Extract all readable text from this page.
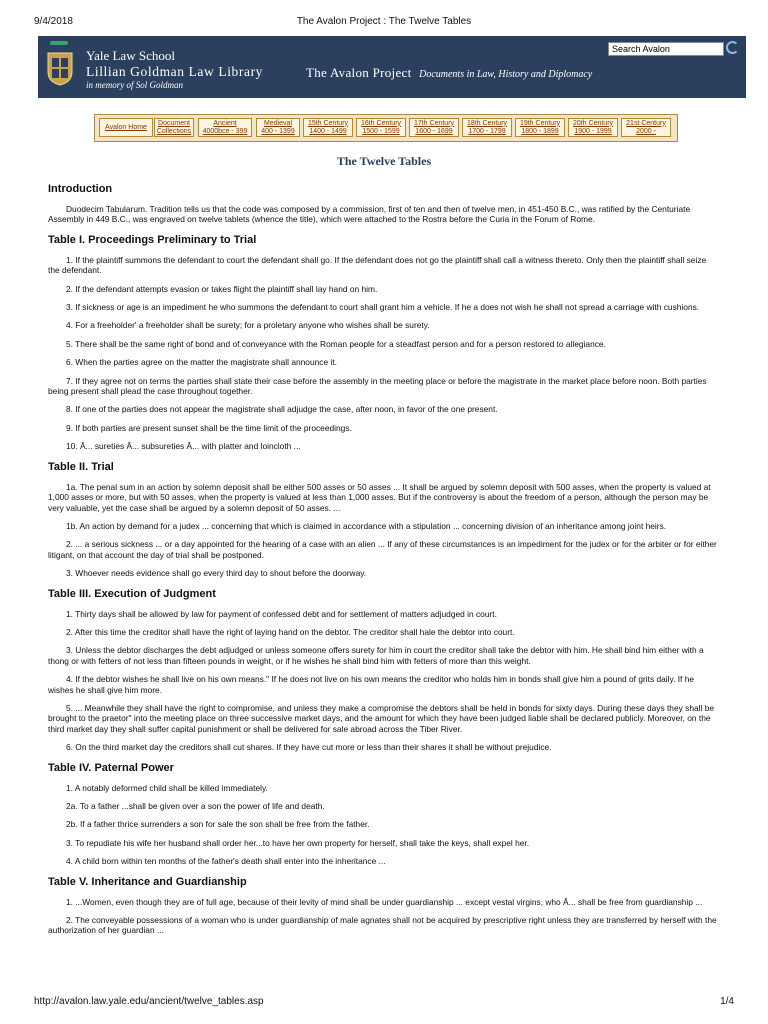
9/4/2018	The Avalon Project : The Twelve Tables
Yale Law School
Lillian Goldman Law Library
in memory of Sol Goldman
The Avalon Project Documents in Law, History and Diplomacy
Search Avalon
Avalon Home
Document
Collections
Ancient
4000bce - 399
Medieval
400 - 1399
15th Century
1400 - 1499
16th Century
1500 - 1599
17th Century
1600 - 1699
18th Century
1700 - 1799
19th Century
1800 - 1899
20th Century
1900 - 1999
21st Century
2000 -
The Twelve Tables
Introduction

Duodecim Tabularum. Tradition tells us that the code was composed by a commission, first of ten and then of twelve men, in 451-450 B.C., was ratified by the Centuriate Assembly in 449 B.C., was engraved on twelve tablets (whence the title), which were attached to the Rostra before the Curia in the Forum of Rome.

Table I. Proceedings Preliminary to Trial

1. If the plaintiff summons the defendant to court the defendant shall go. If the defendant does not go the plaintiff shall call a witness thereto. Only then the plaintiff shall seize the defendant.

2. If the defendant attempts evasion or takes flight the plaintiff shall lay hand on him.

3. If sickness or age is an impediment he who summons the defendant to court shall grant him a vehicle. If he a does not wish he shall not spread a carriage with cushions.

4. For a freeholder' a freeholder shall be surety; for a proletary anyone who wishes shall be surety.

5. There shall be the same right of bond and of conveyance with the Roman people for a steadfast person and for a person restored to allegiance.

6. When the parties agree on the matter the magistrate shall announce it.

7. If they agree not on terms the parties shall state their case before the assembly in the meeting place or before the magistrate in the market place before noon. Both parties being present shall plead the case throughout together.

8. If one of the parties does not appear the magistrate shall adjudge the case, after noon, in favor of the one present.

9. If both parties are present sunset shall be the time limit of the proceedings.

10. Â... sureties Â... subsureties Â... with platter and loincloth ...

Table II. Trial

1a. The penal sum in an action by solemn deposit shall be either 500 asses or 50 asses ... It shall be argued by solemn deposit with 500 asses, when the property is valued at 1,000 asses or more, but with 50 asses, when the property is valued at less than 1,000 asses. But if the controversy is about the freedom of a person, although the person may be very valuable, yet the case shall be argued by a solemn deposit of 50 asses. ...

1b. An action by demand for a judex ... concerning that which is claimed in accordance with a stipulation ... concerning division of an inheritance among joint heirs.

2. ... a serious sickness ... or a day appointed for the hearing of a case with an alien ... If any of these circumstances is an impediment for the judex or for the arbiter or for either litigant, on that account the day of trial shall be postponed.

3. Whoever needs evidence shall go every third day to shout before the doorway.

Table III. Execution of Judgment

1. Thirty days shall be allowed by law for payment of confessed debt and for settlement of matters adjudged in court.

2. After this time the creditor shall have the right of laying hand on the debtor. The creditor shall hale the debtor into court.

3. Unless the debtor discharges the debt adjudged or unless someone offers surety for him in court the creditor shall take the debtor with him. He shall bind him either with a thong or with fetters of not less than fifteen pounds in weight, or if he wishes he shall bind him with fetters of more than this weight.

4. If the debtor wishes he shall live on his own means." If he does not live on his own means the creditor who holds him in bonds shall give him a pound of grits daily. If he wishes he shall give him more.

5. ... Meanwhile they shall have the right to compromise, and unless they make a compromise the debtors shall be held in bonds for sixty days. During these days they shall be brought to the praetor" into the meeting place on three successive market days, and the amount for which they have been judged liable shall be declared publicly. Moreover, on the third market day they shall suffer capital punishment or shall be delivered for sale abroad across the Tiber River.

6. On the third market day the creditors shall cut shares. If they have cut more or less than their shares it shall be without prejudice.

Table IV. Paternal Power

1. A notably deformed child shall be killed immediately.

2a. To a father ...shall be given over a son the power of life and death.

2b. If a father thrice surrenders a son for sale the son shall be free from the father.

3. To repudiate his wife her husband shall order her...to have her own property for herself, shall take the keys, shall expel her.

4. A child born within ten months of the father's death shall enter into the inheritance ...

Table V. Inheritance and Guardianship

1. ...Women, even though they are of full age, because of their levity of mind shall be under guardianship ... except vestal virgins, who Â... shall be free from guardianship ...

2. The conveyable possessions of a woman who is under guardianship of male agnates shall not be acquired by prescriptive right unless they are transferred by herself with the authorization of her guardian ...

http://avalon.law.yale.edu/ancient/twelve_tables.asp	1/4
